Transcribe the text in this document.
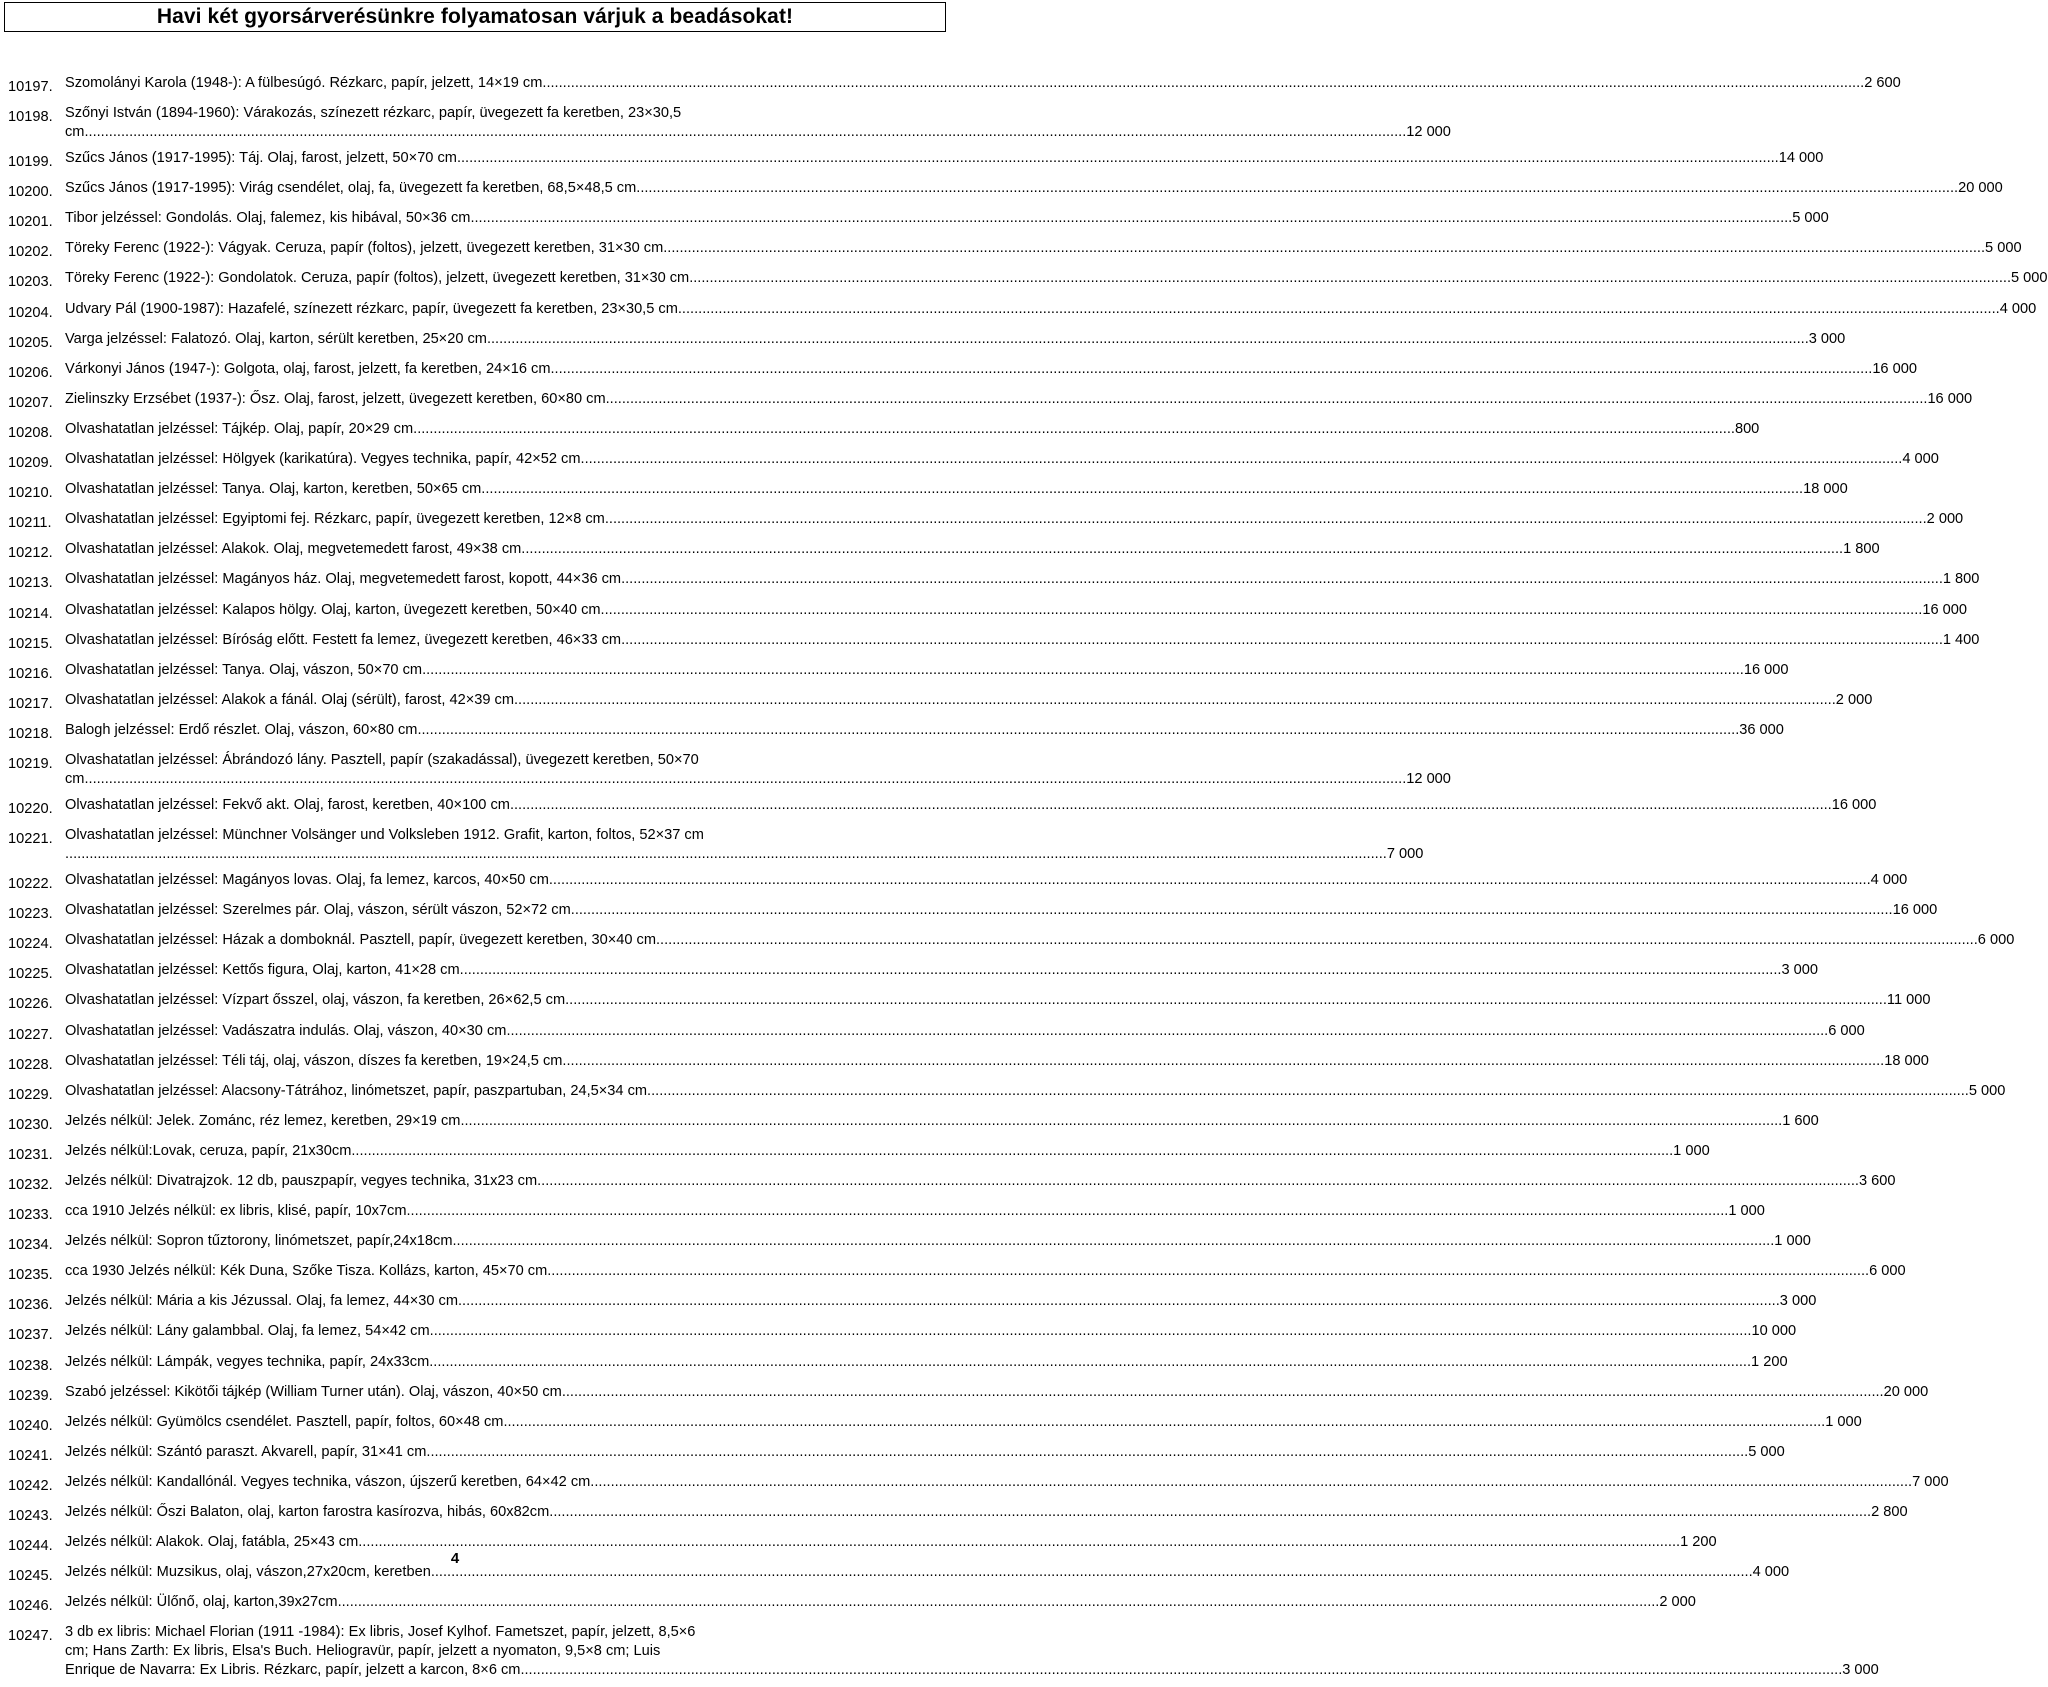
Havi két gyorsárverésünkre folyamatosan várjuk a beadásokat!
10197. Szomolányi Karola (1948-): A fülbesúgó. Rézkarc, papír, jelzett, 14×19 cm .....	2 600
10198. Szőnyi István (1894-1960): Várakozás, színezett rézkarc, papír, üvegezett fa keretben, 23×30,5
cm .....	12 000
10199. Szűcs János (1917-1995): Táj. Olaj, farost, jelzett, 50×70 cm .....	14 000
10200. Szűcs János (1917-1995): Virág csendélet, olaj, fa, üvegezett fa keretben, 68,5×48,5 cm .....	20 000
10201. Tibor jelzéssel: Gondolás. Olaj, falemez, kis hibával, 50×36 cm .....	5 000
10202. Töreky Ferenc (1922-): Vágyak. Ceruza, papír (foltos), jelzett, üvegezett keretben, 31×30 cm .....	5 000
10203. Töreky Ferenc (1922-): Gondolatok. Ceruza, papír (foltos), jelzett, üvegezett keretben, 31×30 cm .....	5 000
10204. Udvary Pál (1900-1987): Hazafelé, színezett rézkarc, papír, üvegezett fa keretben, 23×30,5 cm .....	4 000
10205. Varga jelzéssel: Falatozó. Olaj, karton, sérült keretben, 25×20 cm .....	3 000
10206. Várkonyi János (1947-): Golgota, olaj, farost, jelzett, fa keretben, 24×16 cm .....	16 000
10207. Zielinszky Erzsébet (1937-): Ősz. Olaj, farost, jelzett, üvegezett keretben, 60×80 cm .....	16 000
10208. Olvashatatlan jelzéssel: Tájkép. Olaj, papír, 20×29 cm .....	800
10209. Olvashatatlan jelzéssel: Hölgyek (karikatúra). Vegyes technika, papír, 42×52 cm .....	4 000
10210. Olvashatatlan jelzéssel: Tanya. Olaj, karton, keretben, 50×65 cm .....	18 000
10211. Olvashatatlan jelzéssel: Egyiptomi fej. Rézkarc, papír, üvegezett keretben, 12×8 cm .....	2 000
10212. Olvashatatlan jelzéssel: Alakok. Olaj, megvetemedett farost, 49×38 cm .....	1 800
10213. Olvashatatlan jelzéssel: Magányos ház. Olaj, megvetemedett farost, kopott, 44×36 cm .....	1 800
10214. Olvashatatlan jelzéssel: Kalapos hölgy. Olaj, karton, üvegezett keretben, 50×40 cm .....	16 000
10215. Olvashatatlan jelzéssel: Bíróság előtt. Festett fa lemez, üvegezett keretben, 46×33 cm .....	1 400
10216. Olvashatatlan jelzéssel: Tanya. Olaj, vászon, 50×70 cm .....	16 000
10217. Olvashatatlan jelzéssel: Alakok a fánál. Olaj (sérült), farost, 42×39 cm .....	2 000
10218. Balogh jelzéssel: Erdő részlet. Olaj, vászon, 60×80 cm .....	36 000
10219. Olvashatatlan jelzéssel: Ábrándozó lány. Pasztell, papír (szakadással), üvegezett keretben, 50×70
cm .....	12 000
10220. Olvashatatlan jelzéssel: Fekvő akt. Olaj, farost, keretben, 40×100 cm .....	16 000
10221. Olvashatatlan jelzéssel: Münchner Volsänger und Volksleben 1912. Grafit, karton, foltos, 52×37 cm
.....
7 000
10222. Olvashatatlan jelzéssel: Magányos lovas. Olaj, fa lemez, karcos, 40×50 cm .....	4 000
10223. Olvashatatlan jelzéssel: Szerelmes pár. Olaj, vászon, sérült vászon, 52×72 cm .....	16 000
10224. Olvashatatlan jelzéssel: Házak a domboknál. Pasztell, papír, üvegezett keretben, 30×40 cm .....	6 000
10225. Olvashatatlan jelzéssel: Kettős figura, Olaj, karton, 41×28 cm .....	3 000
10226. Olvashatatlan jelzéssel: Vízpart ősszel, olaj, vászon, fa keretben, 26×62,5 cm .....	11 000
10227. Olvashatatlan jelzéssel: Vadászatra indulás. Olaj, vászon, 40×30 cm .....	6 000
10228. Olvashatatlan jelzéssel: Téli táj, olaj, vászon, díszes fa keretben, 19×24,5 cm .....	18 000
10229. Olvashatatlan jelzéssel: Alacsony-Tátrához, linómetszet, papír, paszpartuban, 24,5×34 cm .....	5 000
10230. Jelzés nélkül: Jelek. Zománc, réz lemez, keretben, 29×19 cm .....	1 600
10231. Jelzés nélkül:Lovak, ceruza, papír, 21x30cm .....	1 000
10232. Jelzés nélkül: Divatrajzok. 12 db, pauszpapír, vegyes technika, 31x23 cm .....	3 600
10233. cca 1910 Jelzés nélkül: ex libris, klisé, papír, 10x7cm .....	1 000
10234. Jelzés nélkül: Sopron tűztorony, linómetszet, papír,24x18cm .....	1 000
10235. cca 1930 Jelzés nélkül: Kék Duna, Szőke Tisza. Kollázs, karton, 45×70 cm .....	6 000
10236. Jelzés nélkül: Mária a kis Jézussal. Olaj, fa lemez, 44×30 cm .....	3 000
10237. Jelzés nélkül: Lány galambbal. Olaj, fa lemez, 54×42 cm .....	10 000
10238. Jelzés nélkül: Lámpák, vegyes technika, papír, 24x33cm .....	1 200
10239. Szabó jelzéssel: Kikötői tájkép (William Turner után). Olaj, vászon, 40×50 cm .....	20 000
10240. Jelzés nélkül: Gyümölcs csendélet. Pasztell, papír, foltos, 60×48 cm .....	1 000
10241. Jelzés nélkül: Szántó paraszt. Akvarell, papír, 31×41 cm .....	5 000
10242. Jelzés nélkül: Kandallónál. Vegyes technika, vászon, újszerű keretben, 64×42 cm .....	7 000
10243. Jelzés nélkül: Őszi Balaton, olaj, karton farostra kasírozva, hibás, 60x82cm .....	2 800
10244. Jelzés nélkül: Alakok. Olaj, fatábla, 25×43 cm .....	1 200
10245. Jelzés nélkül: Muzsikus, olaj, vászon,27x20cm, keretben .....	4 000
10246. Jelzés nélkül: Ülőnő, olaj, karton,39x27cm .....	2 000
10247. 3 db ex libris: Michael Florian (1911 -1984): Ex libris, Josef Kylhof. Fametszet, papír, jelzett, 8,5×6
cm; Hans Zarth: Ex libris, Elsa's Buch. Heliogravür, papír, jelzett a nyomaton, 9,5×8 cm; Luis
Enrique de Navarra: Ex Libris. Rézkarc, papír, jelzett a karcon, 8×6 cm .....	3 000
4
